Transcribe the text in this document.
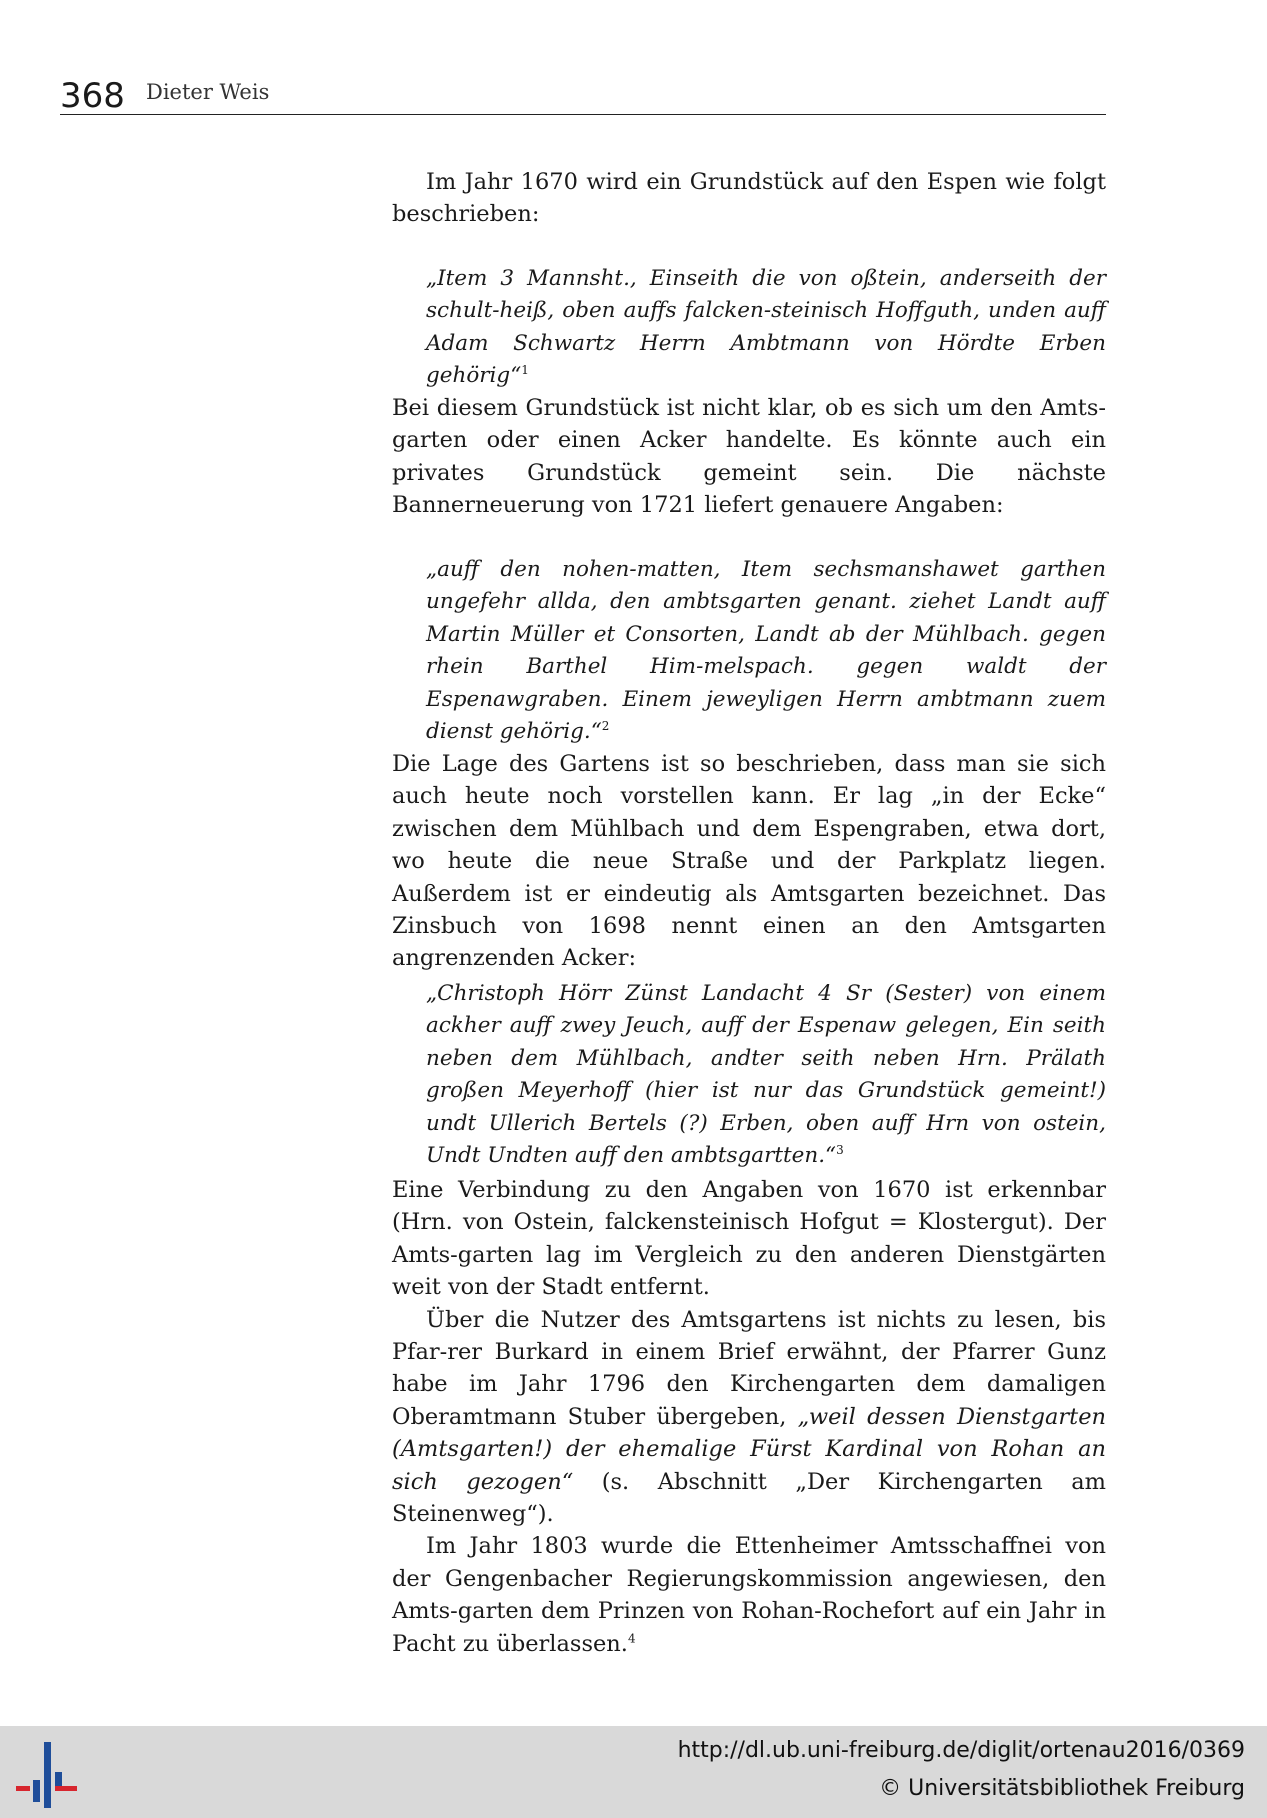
368 Dieter Weis

Im Jahr 1670 wird ein Grundstück auf den Espen wie folgt beschrieben:

„Item 3 Mannsht., Einseith die von oßtein, anderseith der schult-heiß, oben auffs falcken-steinisch Hoffguth, unden auff Adam Schwartz Herrn Ambtmann von Hördte Erben gehörig“$^1$

Bei diesem Grundstück ist nicht klar, ob es sich um den Amts-garten oder einen Acker handelte. Es könnte auch ein privates Grundstück gemeint sein. Die nächste Bannerneuerung von 1721 liefert genauere Angaben:

„auff den nohen-matten, Item sechsmanshawet garthen ungefehr allda, den ambtsgarten genant. ziehet Landt auff Martin Müller et Consorten, Landt ab der Mühlbach. gegen rhein Barthel Him-melspach. gegen waldt der Espenawgraben. Einem jeweyligen Herrn ambtmann zuem dienst gehörig.“$^2$

Die Lage des Gartens ist so beschrieben, dass man sie sich auch heute noch vorstellen kann. Er lag „in der Ecke“ zwischen dem Mühlbach und dem Espengraben, etwa dort, wo heute die neue Straße und der Parkplatz liegen. Außerdem ist er eindeutig als Amtsgarten bezeichnet. Das Zinsbuch von 1698 nennt einen an den Amtsgarten angrenzenden Acker:

„Christoph Hörr Zünst Landacht 4 Sr (Sester) von einem ackher auff zwey Jeuch, auff der Espenaw gelegen, Ein seith neben dem Mühlbach, andter seith neben Hrn. Prälath großen Meyerhoff (hier ist nur das Grundstück gemeint!) undt Ullerich Bertels (?) Erben, oben auff Hrn von ostein, Undt Undten auff den ambtsgartten.“$^3$

Eine Verbindung zu den Angaben von 1670 ist erkennbar (Hrn. von Ostein, falckensteinisch Hofgut = Klostergut). Der Amts-garten lag im Vergleich zu den anderen Dienstgärten weit von der Stadt entfernt.

Über die Nutzer des Amtsgartens ist nichts zu lesen, bis Pfar-rer Burkard in einem Brief erwähnt, der Pfarrer Gunz habe im Jahr 1796 den Kirchengarten dem damaligen Oberamtmann Stuber übergeben, „weil dessen Dienstgarten (Amtsgarten!) der ehemalige Fürst Kardinal von Rohan an sich gezogen“ (s. Abschnitt „Der Kirchengarten am Steinenweg“).

Im Jahr 1803 wurde die Ettenheimer Amtsschaffnei von der Gengenbacher Regierungskommission angewiesen, den Amts-garten dem Prinzen von Rohan-Rochefort auf ein Jahr in Pacht zu überlassen.$^4$

http://dl.ub.uni-freiburg.de/diglit/ortenau2016/0369
© Universitätsbibliothek Freiburg
